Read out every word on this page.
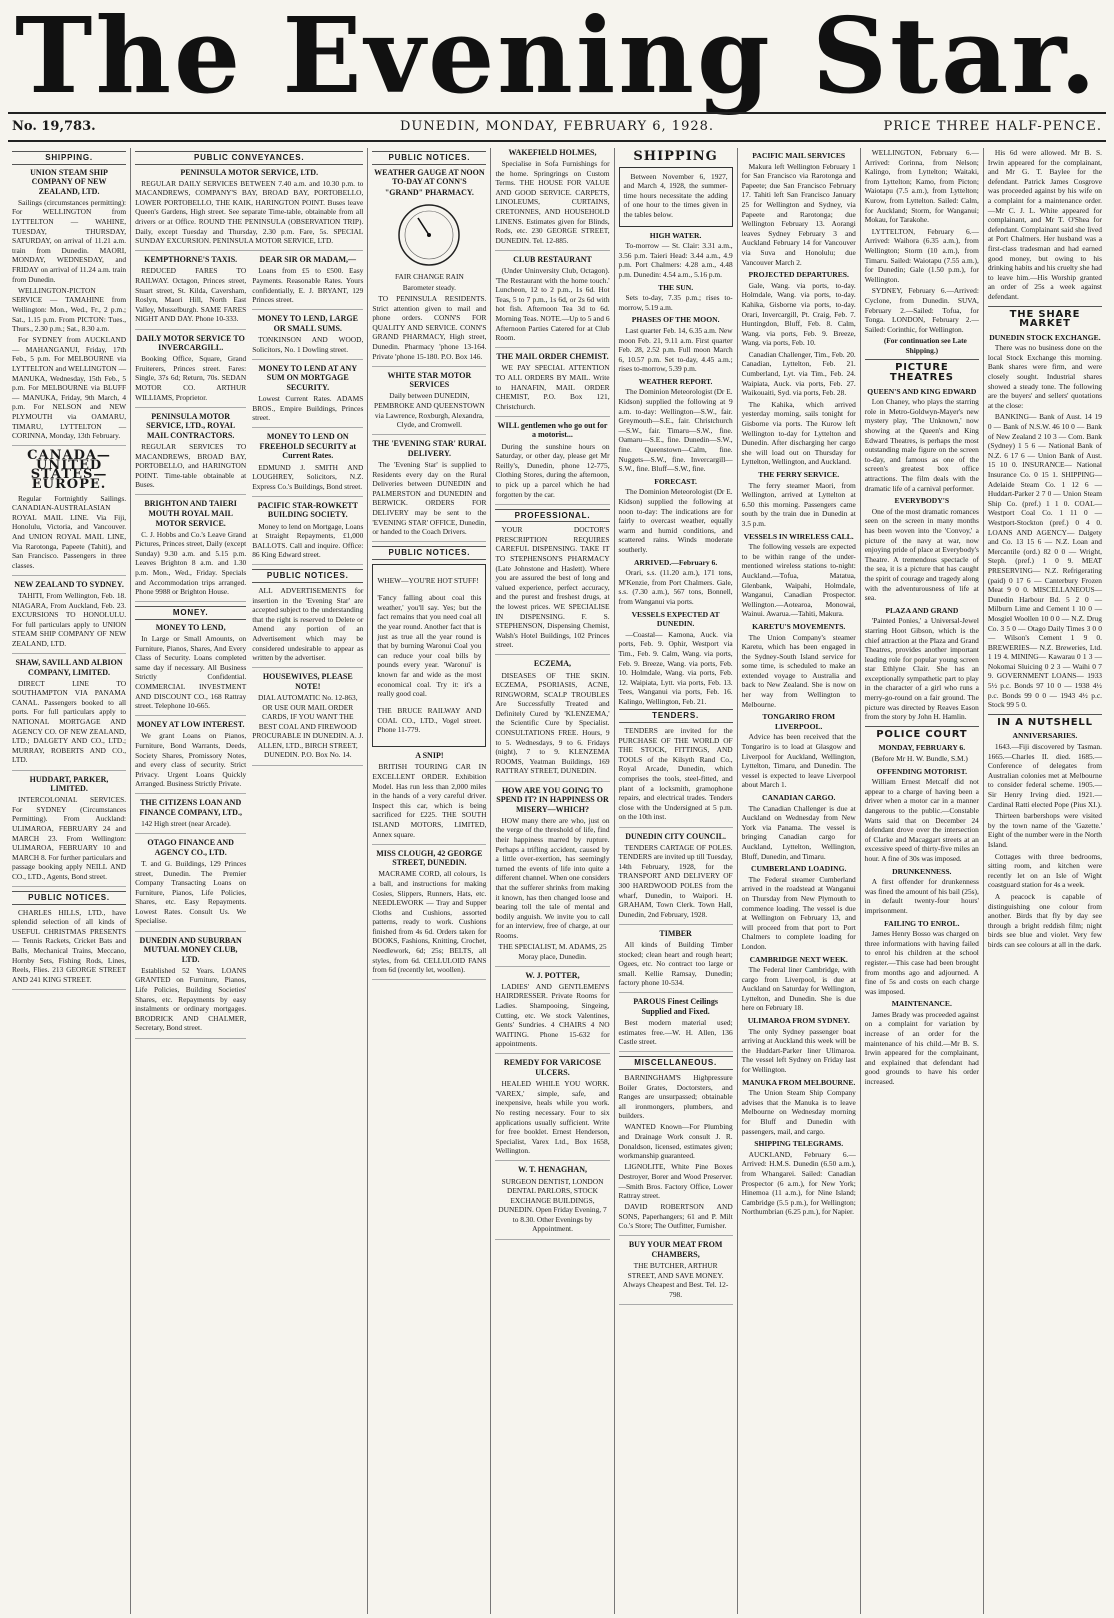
The Evening Star.
No. 19,783.	DUNEDIN, MONDAY, FEBRUARY 6, 1928.	PRICE THREE HALF-PENCE.
SHIPPING.

UNION STEAM SHIP COMPANY OF NEW ZEALAND, LTD.

Sailings (circumstances permitting): For WELLINGTON from LYTTELTON — WAHINE, TUESDAY, THURSDAY, SATURDAY, on arrival of 11.21 a.m. train from Dunedin. MAORI, MONDAY, WEDNESDAY, and FRIDAY on arrival of 11.24 a.m. train from Dunedin.

WELLINGTON-PICTON SERVICE — TAMAHINE from Wellington: Mon., Wed., Fr., 2 p.m.; Sat., 1.15 p.m. From PICTON: Tues., Thurs., 2.30 p.m.; Sat., 8.30 a.m.

For SYDNEY from AUCKLAND — MAHANGANUI, Friday, 17th Feb., 5 p.m. For MELBOURNE via LYTTELTON and WELLINGTON — MANUKA, Wednesday, 15th Feb., 5 p.m. For MELBOURNE via BLUFF — MANUKA, Friday, 9th March, 4 p.m. For NELSON and NEW PLYMOUTH via OAMARU, TIMARU, LYTTELTON — CORINNA, Monday, 13th February.

CANADA—UNITED STATES—EUROPE.

Regular Fortnightly Sailings. CANADIAN-AUSTRALASIAN ROYAL MAIL LINE. Via Fiji, Honolulu, Victoria, and Vancouver. And UNION ROYAL MAIL LINE, Via Rarotonga, Papeete (Tahiti), and San Francisco. Passengers in three classes.

NEW ZEALAND TO SYDNEY.

TAHITI, From Wellington, Feb. 18. NIAGARA, From Auckland, Feb. 23. EXCURSIONS TO HONOLULU. For full particulars apply to UNION STEAM SHIP COMPANY OF NEW ZEALAND, LTD.

SHAW, SAVILL AND ALBION COMPANY, LIMITED.

DIRECT LINE TO SOUTHAMPTON VIA PANAMA CANAL. Passengers booked to all ports. For full particulars apply to NATIONAL MORTGAGE AND AGENCY CO. OF NEW ZEALAND, LTD.; DALGETY AND CO., LTD.; MURRAY, ROBERTS AND CO., LTD.

HUDDART, PARKER, LIMITED.

INTERCOLONIAL SERVICES. For SYDNEY (Circumstances Permitting). From Auckland: ULIMAROA, FEBRUARY 24 and MARCH 23. From Wellington: ULIMAROA, FEBRUARY 10 and MARCH 8. For further particulars and passage booking apply NEILL AND CO., LTD., Agents, Bond street.

PUBLIC NOTICES.

CHARLES HILLS, LTD., have splendid selection of all kinds of USEFUL CHRISTMAS PRESENTS — Tennis Rackets, Cricket Bats and Balls, Mechanical Trains, Meccano, Hornby Sets, Fishing Rods, Lines, Reels, Flies. 213 GEORGE STREET AND 241 KING STREET.

PUBLIC CONVEYANCES.

PENINSULA MOTOR SERVICE, LTD.

REGULAR DAILY SERVICES BETWEEN 7.40 a.m. and 10.30 p.m. to MACANDREWS, COMPANY'S BAY, BROAD BAY, PORTOBELLO, LOWER PORTOBELLO, THE KAIK, HARINGTON POINT. Buses leave Queen's Gardens, High street. See separate Time-table, obtainable from all drivers or at Office. ROUND THE PENINSULA (OBSERVATION TRIP). Daily, except Tuesday and Thursday, 2.30 p.m. Fare, 5s. SPECIAL SUNDAY EXCURSION. PENINSULA MOTOR SERVICE, LTD.

KEMPTHORNE'S TAXIS.

REDUCED FARES TO RAILWAY. Octagon, Princes street, Stuart street, St. Kilda, Caversham, Roslyn, Maori Hill, North East Valley, Musselburgh. SAME FARES NIGHT AND DAY. Phone 10-333.

DAILY MOTOR SERVICE TO INVERCARGILL.

Booking Office, Square, Grand Fruiterers, Princes street. Fares: Single, 37s 6d; Return, 70s. SEDAN MOTOR CO. ARTHUR WILLIAMS, Proprietor.

PENINSULA MOTOR SERVICE, LTD., ROYAL MAIL CONTRACTORS.

REGULAR SERVICES TO MACANDREWS, BROAD BAY, PORTOBELLO, and HARINGTON POINT. Time-table obtainable at Buses.

BRIGHTON AND TAIERI MOUTH ROYAL MAIL MOTOR SERVICE.

C. J. Hobbs and Co.'s Leave Grand Pictures, Princes street, Daily (except Sunday) 9.30 a.m. and 5.15 p.m. Leaves Brighton 8 a.m. and 1.30 p.m. Mon., Wed., Friday. Specials and Accommodation trips arranged. Phone 9988 or Brighton House.

MONEY.

MONEY TO LEND,

In Large or Small Amounts, on Furniture, Pianos, Shares, And Every Class of Security. Loans completed same day if necessary. All Business Strictly Confidential. COMMERCIAL INVESTMENT AND DISCOUNT CO., 168 Rattray street. Telephone 10-665.

MONEY AT LOW INTEREST.

We grant Loans on Pianos, Furniture, Bond Warrants, Deeds, Society Shares, Promissory Notes, and every class of security. Strict Privacy. Urgent Loans Quickly Arranged. Business Strictly Private.

THE CITIZENS LOAN AND FINANCE COMPANY, LTD.,

142 High street (near Arcade).

OTAGO FINANCE AND AGENCY CO., LTD.

T. and G. Buildings, 129 Princes street, Dunedin. The Premier Company Transacting Loans on Furniture, Pianos, Life Policies, Shares, etc. Easy Repayments. Lowest Rates. Consult Us. We Specialise.

DUNEDIN AND SUBURBAN MUTUAL MONEY CLUB, LTD.

Established 52 Years. LOANS GRANTED on Furniture, Pianos, Life Policies, Building Societies' Shares, etc. Repayments by easy instalments or ordinary mortgages. BRODRICK AND CHALMER, Secretary, Bond street.

DEAR SIR OR MADAM,—

Loans from £5 to £500. Easy Payments. Reasonable Rates. Yours confidentially, E. J. BRYANT, 129 Princes street.

MONEY TO LEND, LARGE OR SMALL SUMS.

TONKINSON AND WOOD, Solicitors, No. 1 Dowling street.

MONEY TO LEND AT ANY SUM ON MORTGAGE SECURITY.

Lowest Current Rates. ADAMS BROS., Empire Buildings, Princes street.

MONEY TO LEND ON FREEHOLD SECURITY at Current Rates.

EDMUND J. SMITH AND LOUGHREY, Solicitors, N.Z. Express Co.'s Buildings, Bond street.

PACIFIC STAR-ROWKETT BUILDING SOCIETY.

Money to lend on Mortgage, Loans at Straight Repayments, £1,000 BALLOTS. Call and inquire. Office: 86 King Edward street.

PUBLIC NOTICES.

ALL ADVERTISEMENTS for insertion in the 'Evening Star' are accepted subject to the understanding that the right is reserved to Delete or Amend any portion of an Advertisement which may be considered undesirable to appear as written by the advertiser.

HOUSEWIVES, PLEASE NOTE!

DIAL AUTOMATIC No. 12-863, OR USE OUR MAIL ORDER CARDS, IF YOU WANT THE BEST COAL AND FIREWOOD PROCURABLE IN DUNEDIN. A. J. ALLEN, LTD., BIRCH STREET, DUNEDIN. P.O. Box No. 14.

PUBLIC NOTICES.

WEATHER GAUGE AT NOON TO-DAY AT CONN'S

"GRAND" PHARMACY.

FAIR CHANGE RAIN

Barometer steady.

TO PENINSULA RESIDENTS. Strict attention given to mail and phone orders. CONN'S FOR QUALITY AND SERVICE. CONN'S GRAND PHARMACY, High street, Dunedin. Pharmacy 'phone 13-164. Private 'phone 15-180. P.O. Box 146.

WHITE STAR MOTOR SERVICES

Daily between DUNEDIN, PEMBROKE AND QUEENSTOWN via Lawrence, Roxburgh, Alexandra, Clyde, and Cromwell.

THE 'EVENING STAR' RURAL DELIVERY.

The 'Evening Star' is supplied to Residents every day on the Rural Deliveries between DUNEDIN and PALMERSTON and DUNEDIN and BERWICK. ORDERS FOR DELIVERY may be sent to the 'EVENING STAR' OFFICE, Dunedin, or handed to the Coach Drivers.

PUBLIC NOTICES.

WHEW—YOU'RE HOT STUFF!

'Fancy falling about coal this weather,' you'll say. Yes; but the fact remains that you need coal all the year round. Another fact that is just as true all the year round is that by burning Waronui Coal you can reduce your coal bills by pounds every year. 'Waronui' is known far and wide as the most economical coal. Try it: it's a really good coal.

THE BRUCE RAILWAY AND COAL CO., LTD., Vogel street. Phone 11-779.

A SNIP!

BRITISH TOURING CAR IN EXCELLENT ORDER. Exhibition Model. Has run less than 2,000 miles in the hands of a very careful driver. Inspect this car, which is being sacrificed for £225. THE SOUTH ISLAND MOTORS, LIMITED, Annex square.

MISS CLOUGH, 42 GEORGE STREET, DUNEDIN.

MACRAME CORD, all colours, 1s a ball, and instructions for making Cosies, Slippers, Runners, Hats, etc. NEEDLEWORK — Tray and Supper Cloths and Cushions, assorted patterns, ready to work. Cushions finished from 4s 6d. Orders taken for BOOKS, Fashions, Knitting, Crochet, Needlework, 6d; 25s; BELTS, all styles, from 6d. CELLULOID FANS from 6d (recently let, woollen).

WAKEFIELD HOLMES,

Specialise in Sofa Furnishings for the home. Springrings on Custom Terms. THE HOUSE FOR VALUE AND GOOD SERVICE. CARPETS, LINOLEUMS, CURTAINS, CRETONNES, AND HOUSEHOLD LINENS. Estimates given for Blinds, Rods, etc. 230 GEORGE STREET, DUNEDIN. Tel. 12-885.

CLUB RESTAURANT

(Under Uninversity Club, Octagon). 'The Restaurant with the home touch.' Luncheon, 12 to 2 p.m., 1s 6d. Hot Teas, 5 to 7 p.m., 1s 6d, or 2s 6d with hot fish. Afternoon Tea 3d to 6d. Morning Teas. NOTE.—Up to 5 and 6 Afternoon Parties Catered for at Club Room.

THE MAIL ORDER CHEMIST.

WE PAY SPECIAL ATTENTION TO ALL ORDERS BY MAIL. Write to HANAFIN, MAIL ORDER CHEMIST, P.O. Box 121, Christchurch.

WILL gentlemen who go out for a motorist...

During the sunshine hours on Saturday, or other day, please get Mr Reilly's, Dunedin, phone 12-775, Clothing Stores, during the afternoon, to pick up a parcel which he had forgotten by the car.

PROFESSIONAL.

YOUR DOCTOR'S PRESCRIPTION REQUIRES CAREFUL DISPENSING. TAKE IT TO STEPHENSON'S PHARMACY (Late Johnstone and Haslett). Where you are assured the best of long and valued experience, perfect accuracy, and the purest and freshest drugs, at the lowest prices. WE SPECIALISE IN DISPENSING. F. S. STEPHENSON, Dispensing Chemist, Walsh's Hotel Buildings, 102 Princes street.

ECZEMA,

DISEASES OF THE SKIN. ECZEMA, PSORIASIS, ACNE, RINGWORM, SCALP TROUBLES Are Successfully Treated and Definitely Cured by 'KLENZEMA,' the Scientific Cure by Specialist. CONSULTATIONS FREE. Hours, 9 to 5. Wednesdays, 9 to 6. Fridays (night), 7 to 9. KLENZEMA ROOMS, Yeatman Buildings, 169 RATTRAY STREET, DUNEDIN.

HOW ARE YOU GOING TO SPEND IT? IN HAPPINESS OR MISERY—WHICH?

HOW many there are who, just on the verge of the threshold of life, find their happiness marred by rupture. Perhaps a trifling accident, caused by a little over-exertion, has seemingly turned the events of life into quite a different channel. When one considers that the sufferer shrinks from making it known, has then changed loose and bearing toll the tale of mental and bodily anguish. We invite you to call for an interview, free of charge, at our Rooms.

THE SPECIALIST, M. ADAMS, 25 Moray place, Dunedin.

W. J. POTTER,

LADIES' AND GENTLEMEN'S HAIRDRESSER. Private Rooms for Ladies. Shampooing, Singeing, Cutting, etc. We stock Valentines, Gents' Sundries. 4 CHAIRS 4 NO WAITING. Phone 15-632 for appointments.

REMEDY FOR VARICOSE ULCERS.

HEALED WHILE YOU WORK. 'VAREX,' simple, safe, and inexpensive, heals while you work. No resting necessary. Four to six applications usually sufficient. Write for free booklet. Ernest Henderson, Specialist, Varex Ltd., Box 1658, Wellington.

W. T. HENAGHAN,

SURGEON DENTIST, LONDON DENTAL PARLORS, STOCK EXCHANGE BUILDINGS, DUNEDIN. Open Friday Evening, 7 to 8.30. Other Evenings by Appointment.

SHIPPING

Between November 6, 1927, and March 4, 1928, the summer-time hours necessitate the adding of one hour to the times given in the tables below.

HIGH WATER.

To-morrow — St. Clair: 3.31 a.m., 3.56 p.m. Taieri Head: 3.44 a.m., 4.9 p.m. Port Chalmers: 4.28 a.m., 4.48 p.m. Dunedin: 4.54 a.m., 5.16 p.m.

THE SUN.

Sets to-day, 7.35 p.m.; rises to-morrow, 5.19 a.m.

PHASES OF THE MOON.

Last quarter Feb. 14, 6.35 a.m. New moon Feb. 21, 9.11 a.m. First quarter Feb. 28, 2.52 p.m. Full moon March 6, 10.57 p.m. Set to-day, 4.45 a.m.; rises to-morrow, 5.39 p.m.

WEATHER REPORT.

The Dominion Meteorologist (Dr E. Kidson) supplied the following at 9 a.m. to-day: Wellington—S.W., fair. Greymouth—S.E., fair. Christchurch—S.W., fair. Timaru—S.W., fine. Oamaru—S.E., fine. Dunedin—S.W., fine. Queenstown—Calm, fine. Nuggets—S.W., fine. Invercargill—S.W., fine. Bluff—S.W., fine.

FORECAST.

The Dominion Meteorologist (Dr E. Kidson) supplied the following at noon to-day: The indications are for fairly to overcast weather, equally warm and humid conditions, and scattered rains. Winds moderate southerly.

ARRIVED.—February 6.

Orari, s.s. (11.20 a.m.), 171 tons, M'Kenzie, from Port Chalmers. Gale, s.s. (7.30 a.m.), 567 tons, Bonnell, from Wanganui via ports.

VESSELS EXPECTED AT DUNEDIN.

—Coastal— Kamona, Auck. via ports, Feb. 9. Ophir, Westport via Tim., Feb. 9. Calm, Wang. via ports, Feb. 9. Breeze, Wang. via ports, Feb. 10. Holmdale, Wang. via ports, Feb. 12. Waipiata, Lytt. via ports, Feb. 13. Tees, Wanganui via ports, Feb. 16. Kalingo, Wellington, Feb. 21.

TENDERS.

TENDERS are invited for the PURCHASE OF THE WORLD OF THE STOCK, FITTINGS, AND TOOLS of the Kilsyth Rand Co., Royal Arcade, Dunedin, which comprises the tools, steel-fitted, and plant of a locksmith, gramophone repairs, and electrical trades. Tenders close with the Undersigned at 5 p.m. on the 10th inst.

DUNEDIN CITY COUNCIL.

TENDERS CARTAGE OF POLES. TENDERS are invited up till Tuesday, 14th February, 1928, for the TRANSPORT AND DELIVERY OF 300 HARDWOOD POLES from the wharf, Dunedin, to Waipori. H. GRAHAM, Town Clerk. Town Hall, Dunedin, 2nd February, 1928.

TIMBER

All kinds of Building Timber stocked; clean heart and rough heart; Ogees, etc. No contract too large or small. Kellie Ramsay, Dunedin; factory phone 10-534.

PAROUS Finest Ceilings Supplied and Fixed.

Best modern material used; estimates free.—W. H. Allen, 136 Castle street.

MISCELLANEOUS.

BARNINGHAM'S Highpressure Boiler Grates, Doctorsters, and Ranges are unsurpassed; obtainable all ironmongers, plumbers, and builders.

WANTED Known—For Plumbing and Drainage Work consult J. R. Donaldson, licensed, estimates given; workmanship guaranteed.

LIGNOLITE, White Pine Boxes Destroyer, Borer and Wood Preserver.—Smith Bros. Factory Office, Lower Rattray street.

DAVID ROBERTSON AND SONS, Paperhangers; 61 and P. Milt Co.'s Store; The Outfitter, Furnisher.

BUY YOUR MEAT FROM CHAMBERS,

THE BUTCHER, ARTHUR STREET, AND SAVE MONEY. Always Cheapest and Best. Tel. 12-798.

PACIFIC MAIL SERVICES

Makura left Wellington February 1 for San Francisco via Rarotonga and Papeete; due San Francisco February 17. Tahiti left San Francisco January 25 for Wellington and Sydney, via Papeete and Rarotonga; due Wellington February 13. Aorangi leaves Sydney February 3 and Auckland February 14 for Vancouver via Suva and Honolulu; due Vancouver March 2.

PROJECTED DEPARTURES.

Gale, Wang. via ports, to-day. Holmdale, Wang. via ports, to-day. Kahika, Gisborne via ports, to-day. Orari, Invercargill, Pt. Craig, Feb. 7. Huntingdon, Bluff, Feb. 8. Calm, Wang. via ports, Feb. 9. Breeze, Wang. via ports, Feb. 10.

Canadian Challenger, Tim., Feb. 20. Canadian, Lyttelton, Feb. 21. Cumberland, Lyt. via Tim., Feb. 24. Waipiata, Auck. via ports, Feb. 27. Waikouaiti, Syd. via ports, Feb. 28.

The Kahika, which arrived yesterday morning, sails tonight for Gisborne via ports. The Kurow left Wellington to-day for Lyttelton and Dunedin. After discharging her cargo she will load out on Thursday for Lyttelton, Wellington, and Auckland.

THE FERRY SERVICE.

The ferry steamer Maori, from Wellington, arrived at Lyttelton at 6.50 this morning. Passengers came south by the train due in Dunedin at 3.5 p.m.

VESSELS IN WIRELESS CALL.

The following vessels are expected to be within range of the under-mentioned wireless stations to-night: Auckland.—Tofua, Matatua, Glenbank, Waipahi, Holmdale, Wanganui, Canadian Prospector. Wellington.—Aotearoa, Monowai, Wainui. Awarua.—Tahiti, Makura.

KARETU'S MOVEMENTS.

The Union Company's steamer Karetu, which has been engaged in the Sydney-South Island service for some time, is scheduled to make an extended voyage to Australia and back to New Zealand. She is now on her way from Wellington to Melbourne.

TONGARIRO FROM LIVERPOOL.

Advice has been received that the Tongariro is to load at Glasgow and Liverpool for Auckland, Wellington, Lyttelton, Timaru, and Dunedin. The vessel is expected to leave Liverpool about March 1.

CANADIAN CARGO.

The Canadian Challenger is due at Auckland on Wednesday from New York via Panama. The vessel is bringing Canadian cargo for Auckland, Lyttelton, Wellington, Bluff, Dunedin, and Timaru.

CUMBERLAND LOADING.

The Federal steamer Cumberland arrived in the roadstead at Wanganui on Thursday from New Plymouth to commence loading. The vessel is due at Wellington on February 13, and will proceed from that port to Port Chalmers to complete loading for London.

CAMBRIDGE NEXT WEEK.

The Federal liner Cambridge, with cargo from Liverpool, is due at Auckland on Saturday for Wellington, Lyttelton, and Dunedin. She is due here on February 18.

ULIMAROA FROM SYDNEY.

The only Sydney passenger boat arriving at Auckland this week will be the Huddart-Parker liner Ulimaroa. The vessel left Sydney on Friday last for Wellington.

MANUKA FROM MELBOURNE.

The Union Steam Ship Company advises that the Manuka is to leave Melbourne on Wednesday morning for Bluff and Dunedin with passengers, mail, and cargo.

SHIPPING TELEGRAMS.

AUCKLAND, February 6.—Arrived: H.M.S. Dunedin (6.50 a.m.), from Whangarei. Sailed: Canadian Prospector (6 a.m.), for New York; Hinemoa (11 a.m.), for Nine Island; Cambridge (5.5 p.m.), for Wellington; Northumbrian (6.25 p.m.), for Napier.

WELLINGTON, February 6.—Arrived: Corinna, from Nelson; Kalingo, from Lyttelton; Waitaki, from Lyttelton; Kamo, from Picton; Waiotapu (7.5 a.m.), from Lyttelton; Kurow, from Lyttelton. Sailed: Calm, for Auckland; Storm, for Wanganui; Mokau, for Tarakohe.

LYTTELTON, February 6.—Arrived: Waihora (6.35 a.m.), from Wellington; Storm (10 a.m.), from Timaru. Sailed: Waiotapu (7.55 a.m.), for Dunedin; Gale (1.50 p.m.), for Wellington.

SYDNEY, February 6.—Arrived: Cyclone, from Dunedin. SUVA, February 2.—Sailed: Tofua, for Tonga. LONDON, February 2.—Sailed: Corinthic, for Wellington.

(For continuation see Late Shipping.)

PICTURE THEATRES
QUEEN'S AND KING EDWARD

Lon Chaney, who plays the starring role in Metro-Goldwyn-Mayer's new mystery play, 'The Unknown,' now showing at the Queen's and King Edward Theatres, is perhaps the most outstanding male figure on the screen to-day, and famous as one of the screen's greatest box office attractions. The film deals with the dramatic life of a carnival performer.

EVERYBODY'S

One of the most dramatic romances seen on the screen in many months has been woven into the 'Convoy,' a picture of the navy at war, now enjoying pride of place at Everybody's Theatre. A tremendous spectacle of the sea, it is a picture that has caught the spirit of courage and tragedy along with the adventurousness of life at sea.

PLAZA AND GRAND

'Painted Ponies,' a Universal-Jewel starring Hoot Gibson, which is the chief attraction at the Plaza and Grand Theatres, provides another important leading role for popular young screen star Ethlyne Clair. She has an exceptionally sympathetic part to play in the character of a girl who runs a merry-go-round on a fair ground. The picture was directed by Reaves Eason from the story by John H. Hamlin.

POLICE COURT
MONDAY, FEBRUARY 6.

(Before Mr H. W. Bundle, S.M.)

OFFENDING MOTORIST.

William Ernest Metcalf did not appear to a charge of having been a driver when a motor car in a manner dangerous to the public.—Constable Watts said that on December 24 defendant drove over the intersection of Clarke and Macaggart streets at an excessive speed of thirty-five miles an hour. A fine of 30s was imposed.

DRUNKENNESS.

A first offender for drunkenness was fined the amount of his bail (25s), in default twenty-four hours' imprisonment.

FAILING TO ENROL.

James Henry Bosso was charged on three informations with having failed to enrol his children at the school register.—This case had been brought from months ago and adjourned. A fine of 5s and costs on each charge was imposed.

MAINTENANCE.

James Brady was proceeded against on a complaint for variation by increase of an order for the maintenance of his child.—Mr B. S. Irwin appeared for the complainant, and explained that defendant had good grounds to have his order increased.

His 6d were allowed. Mr B. S. Irwin appeared for the complainant, and Mr G. T. Baylee for the defendant. Patrick James Cosgrove was proceeded against by his wife on a complaint for a maintenance order.—Mr C. J. L. White appeared for complainant, and Mr T. O'Shea for defendant. Complainant said she lived at Port Chalmers. Her husband was a first-class tradesman and had earned good money, but owing to his drinking habits and his cruelty she had to leave him.—His Worship granted an order of 25s a week against defendant.

THE SHARE MARKET
DUNEDIN STOCK EXCHANGE.

There was no business done on the local Stock Exchange this morning. Bank shares were firm, and were closely sought. Industrial shares showed a steady tone. The following are the buyers' and sellers' quotations at the close:

BANKING— Bank of Aust. 14 19 0 — Bank of N.S.W. 46 10 0 — Bank of New Zealand 2 10 3 — Com. Bank (Sydney) 1 5 6 — National Bank of N.Z. 6 17 6 — Union Bank of Aust. 15 10 0. INSURANCE— National Insurance Co. 0 15 1. SHIPPING— Adelaide Steam Co. 1 12 6 — Huddart-Parker 2 7 0 — Union Steam Ship Co. (pref.) 1 1 0. COAL— Westport Coal Co. 1 11 0 — Westport-Stockton (pref.) 0 4 0. LOANS AND AGENCY— Dalgety and Co. 13 15 6 — N.Z. Loan and Mercantile (ord.) 82 0 0 — Wright, Steph. (pref.) 1 0 9. MEAT PRESERVING— N.Z. Refrigerating (paid) 0 17 6 — Canterbury Frozen Meat 9 0 0. MISCELLANEOUS— Dunedin Harbour Bd. 5 2 0 — Milburn Lime and Cement 1 10 0 — Mosgiel Woollen 10 0 0 — N.Z. Drug Co. 3 5 0 — Otago Daily Times 3 0 0 — Wilson's Cement 1 9 0. BREWERIES— N.Z. Breweries, Ltd. 1 19 4. MINING— Kawarau 0 1 3 — Nokomai Sluicing 0 2 3 — Waihi 0 7 9. GOVERNMENT LOANS— 1933 5½ p.c. Bonds 97 10 0 — 1938 4½ p.c. Bonds 99 0 0 — 1943 4½ p.c. Stock 99 5 0.

IN A NUTSHELL
ANNIVERSARIES.

1643.—Fiji discovered by Tasman. 1665.—Charles II. died. 1685.—Conference of delegates from Australian colonies met at Melbourne to consider federal scheme. 1905.—Sir Henry Irving died. 1921.—Cardinal Ratti elected Pope (Pius XI.).

Thirteen barbershops were visited by the town name of the 'Gazette.' Eight of the number were in the North Island.

Cottages with three bedrooms, sitting room, and kitchen were recently let on an Isle of Wight coastguard station for 4s a week.

A peacock is capable of distinguishing one colour from another. Birds that fly by day see through a bright reddish film; night birds see blue and violet. Very few birds can see colours at all in the dark.
